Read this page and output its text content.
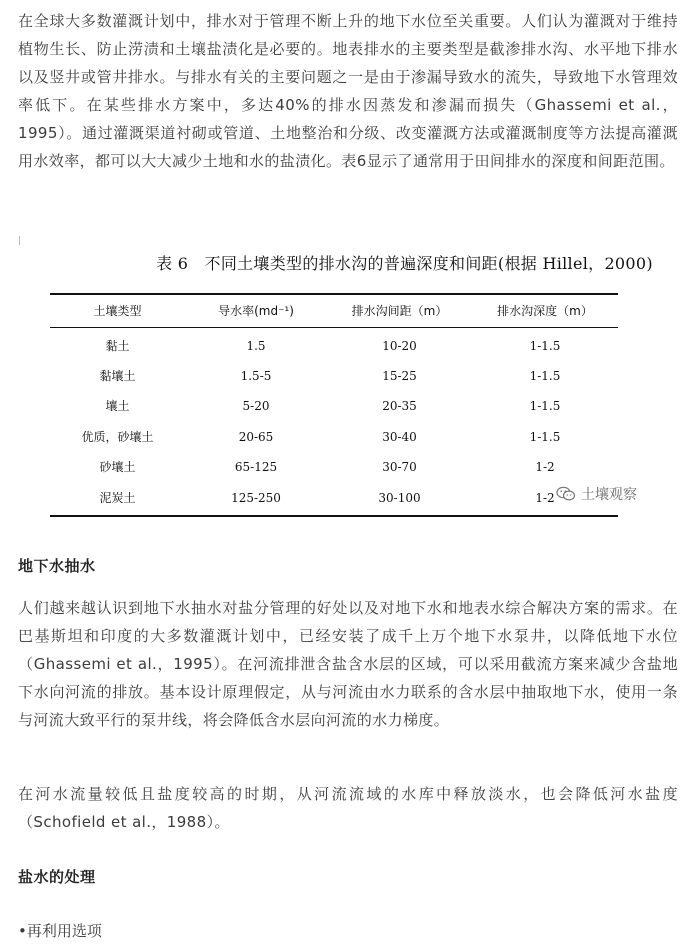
在全球大多数灌溉计划中，排水对于管理不断上升的地下水位至关重要。人们认为灌溉对于维持植物生长、防止涝渍和土壤盐渍化是必要的。地表排水的主要类型是截渗排水沟、水平地下排水以及竖井或管井排水。与排水有关的主要问题之一是由于渗漏导致水的流失，导致地下水管理效率低下。在某些排水方案中，多达40%的排水因蒸发和渗漏而损失（Ghassemi et al.，1995）。通过灌溉渠道衬砌或管道、土地整治和分级、改变灌溉方法或灌溉制度等方法提高灌溉用水效率，都可以大大减少土地和水的盐渍化。表6显示了通常用于田间排水的深度和间距范围。

表 6　不同土壤类型的排水沟的普遍深度和间距(根据 Hillel，2000)

土壤类型	导水率(md⁻¹)	排水沟间距（m）	排水沟深度（m）
黏土	1.5	10-20	1-1.5
黏壤土	1.5-5	15-25	1-1.5
壤土	5-20	20-35	1-1.5
优质，砂壤土	20-65	30-40	1-1.5
砂壤土	65-125	30-70	1-2
泥炭土	125-250	30-100	1-2	土壤观察

地下水抽水

人们越来越认识到地下水抽水对盐分管理的好处以及对地下水和地表水综合解决方案的需求。在巴基斯坦和印度的大多数灌溉计划中，已经安装了成千上万个地下水泵井，以降低地下水位（Ghassemi et al.，1995）。在河流排泄含盐含水层的区域，可以采用截流方案来减少含盐地下水向河流的排放。基本设计原理假定，从与河流由水力联系的含水层中抽取地下水，使用一条与河流大致平行的泵井线，将会降低含水层向河流的水力梯度。

在河水流量较低且盐度较高的时期，从河流流域的水库中释放淡水，也会降低河水盐度（Schofield et al.，1988）。

盐水的处理

•再利用选项
